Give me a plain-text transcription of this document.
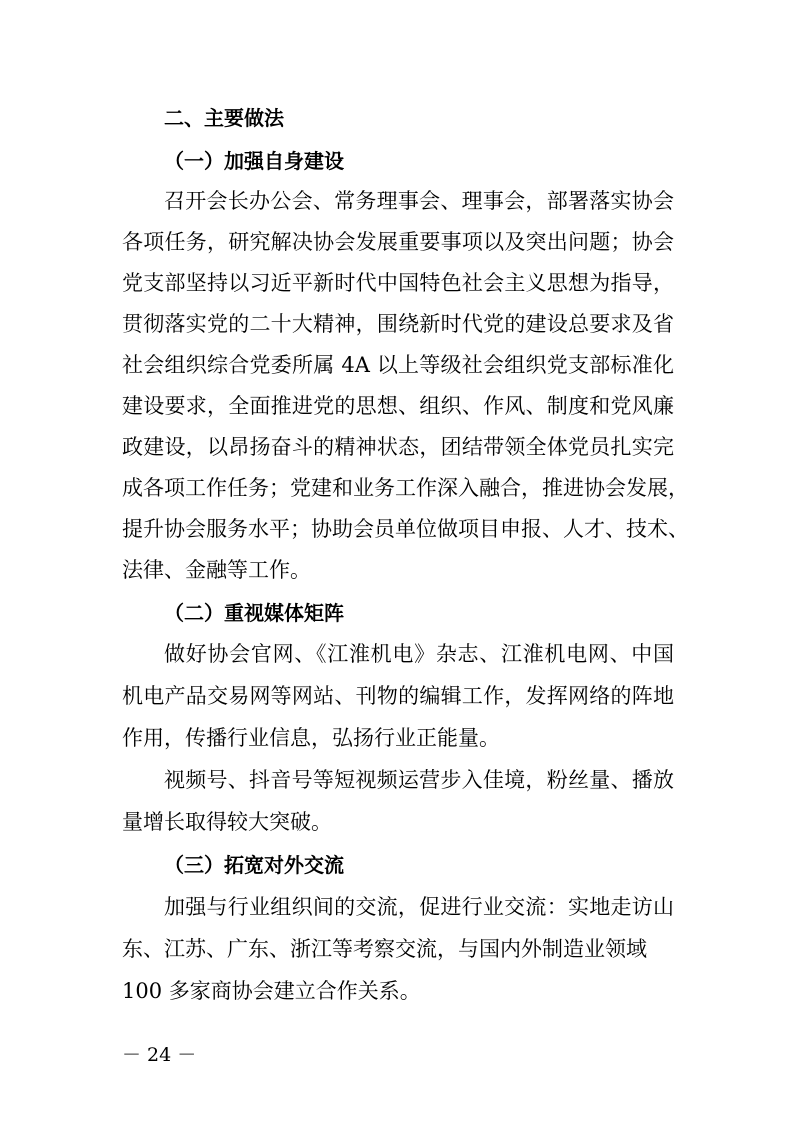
二、主要做法
（一）加强自身建设
召开会长办公会、常务理事会、理事会，部署落实协会
各项任务，研究解决协会发展重要事项以及突出问题；协会
党支部坚持以习近平新时代中国特色社会主义思想为指导，
贯彻落实党的二十大精神，围绕新时代党的建设总要求及省
社会组织综合党委所属 4A 以上等级社会组织党支部标准化
建设要求，全面推进党的思想、组织、作风、制度和党风廉
政建设，以昂扬奋斗的精神状态，团结带领全体党员扎实完
成各项工作任务；党建和业务工作深入融合，推进协会发展，
提升协会服务水平；协助会员单位做项目申报、人才、技术、
法律、金融等工作。
（二）重视媒体矩阵
做好协会官网、《江淮机电》杂志、江淮机电网、中国
机电产品交易网等网站、刊物的编辑工作，发挥网络的阵地
作用，传播行业信息，弘扬行业正能量。
视频号、抖音号等短视频运营步入佳境，粉丝量、播放
量增长取得较大突破。
（三）拓宽对外交流
加强与行业组织间的交流，促进行业交流：实地走访山
东、江苏、广东、浙江等考察交流，与国内外制造业领域
100 多家商协会建立合作关系。
－ 24 －
